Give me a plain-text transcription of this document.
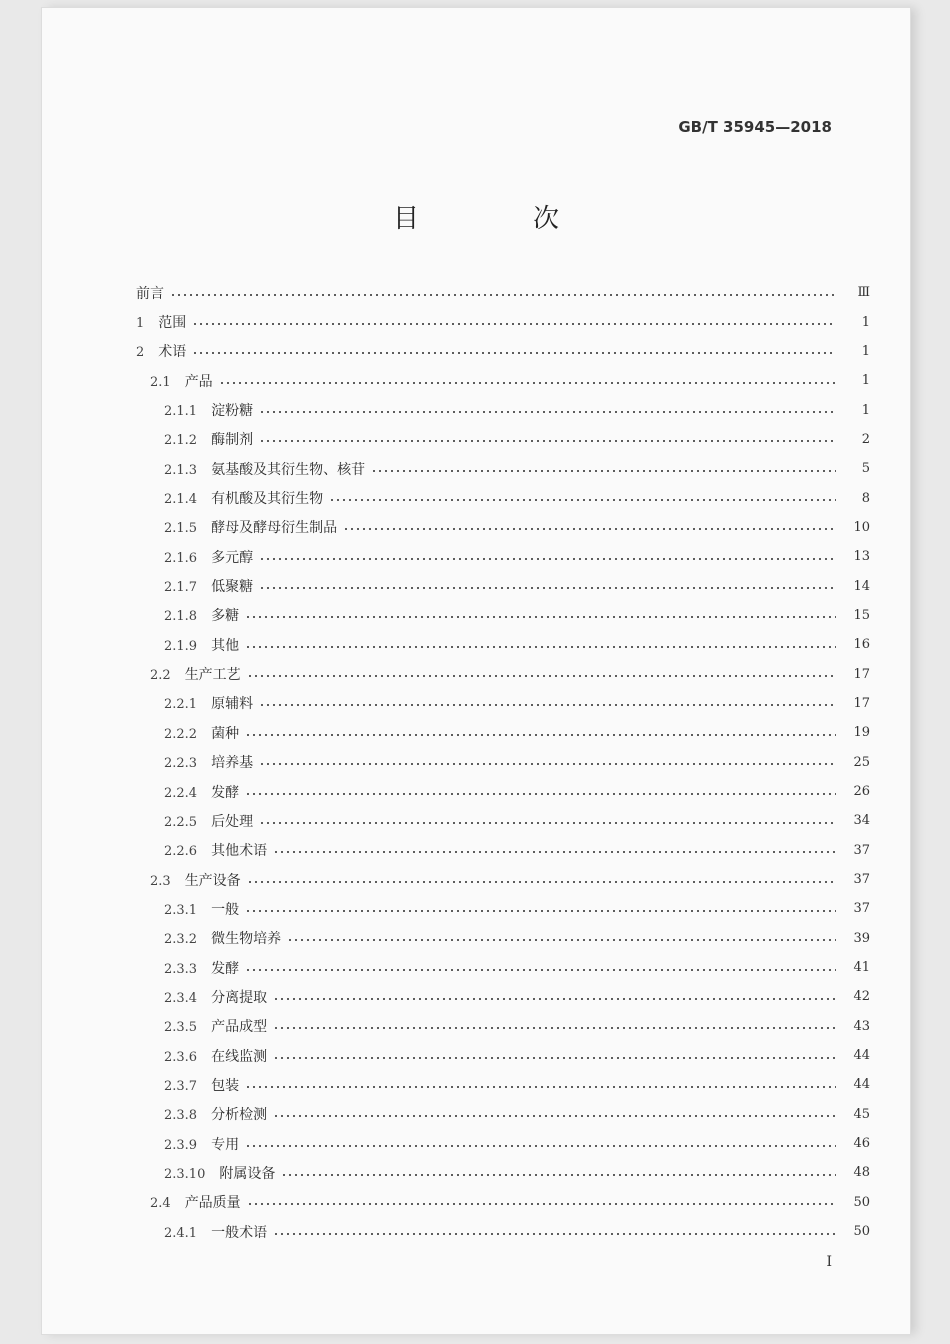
GB/T 35945—2018
目　次
前言	Ⅲ
1 范围	1
2 术语	1
2.1 产品	1
2.1.1 淀粉糖	1
2.1.2 酶制剂	2
2.1.3 氨基酸及其衍生物、核苷	5
2.1.4 有机酸及其衍生物	8
2.1.5 酵母及酵母衍生制品	10
2.1.6 多元醇	13
2.1.7 低聚糖	14
2.1.8 多糖	15
2.1.9 其他	16
2.2 生产工艺	17
2.2.1 原辅料	17
2.2.2 菌种	19
2.2.3 培养基	25
2.2.4 发酵	26
2.2.5 后处理	34
2.2.6 其他术语	37
2.3 生产设备	37
2.3.1 一般	37
2.3.2 微生物培养	39
2.3.3 发酵	41
2.3.4 分离提取	42
2.3.5 产品成型	43
2.3.6 在线监测	44
2.3.7 包装	44
2.3.8 分析检测	45
2.3.9 专用	46
2.3.10 附属设备	48
2.4 产品质量	50
2.4.1 一般术语	50
Ⅰ
